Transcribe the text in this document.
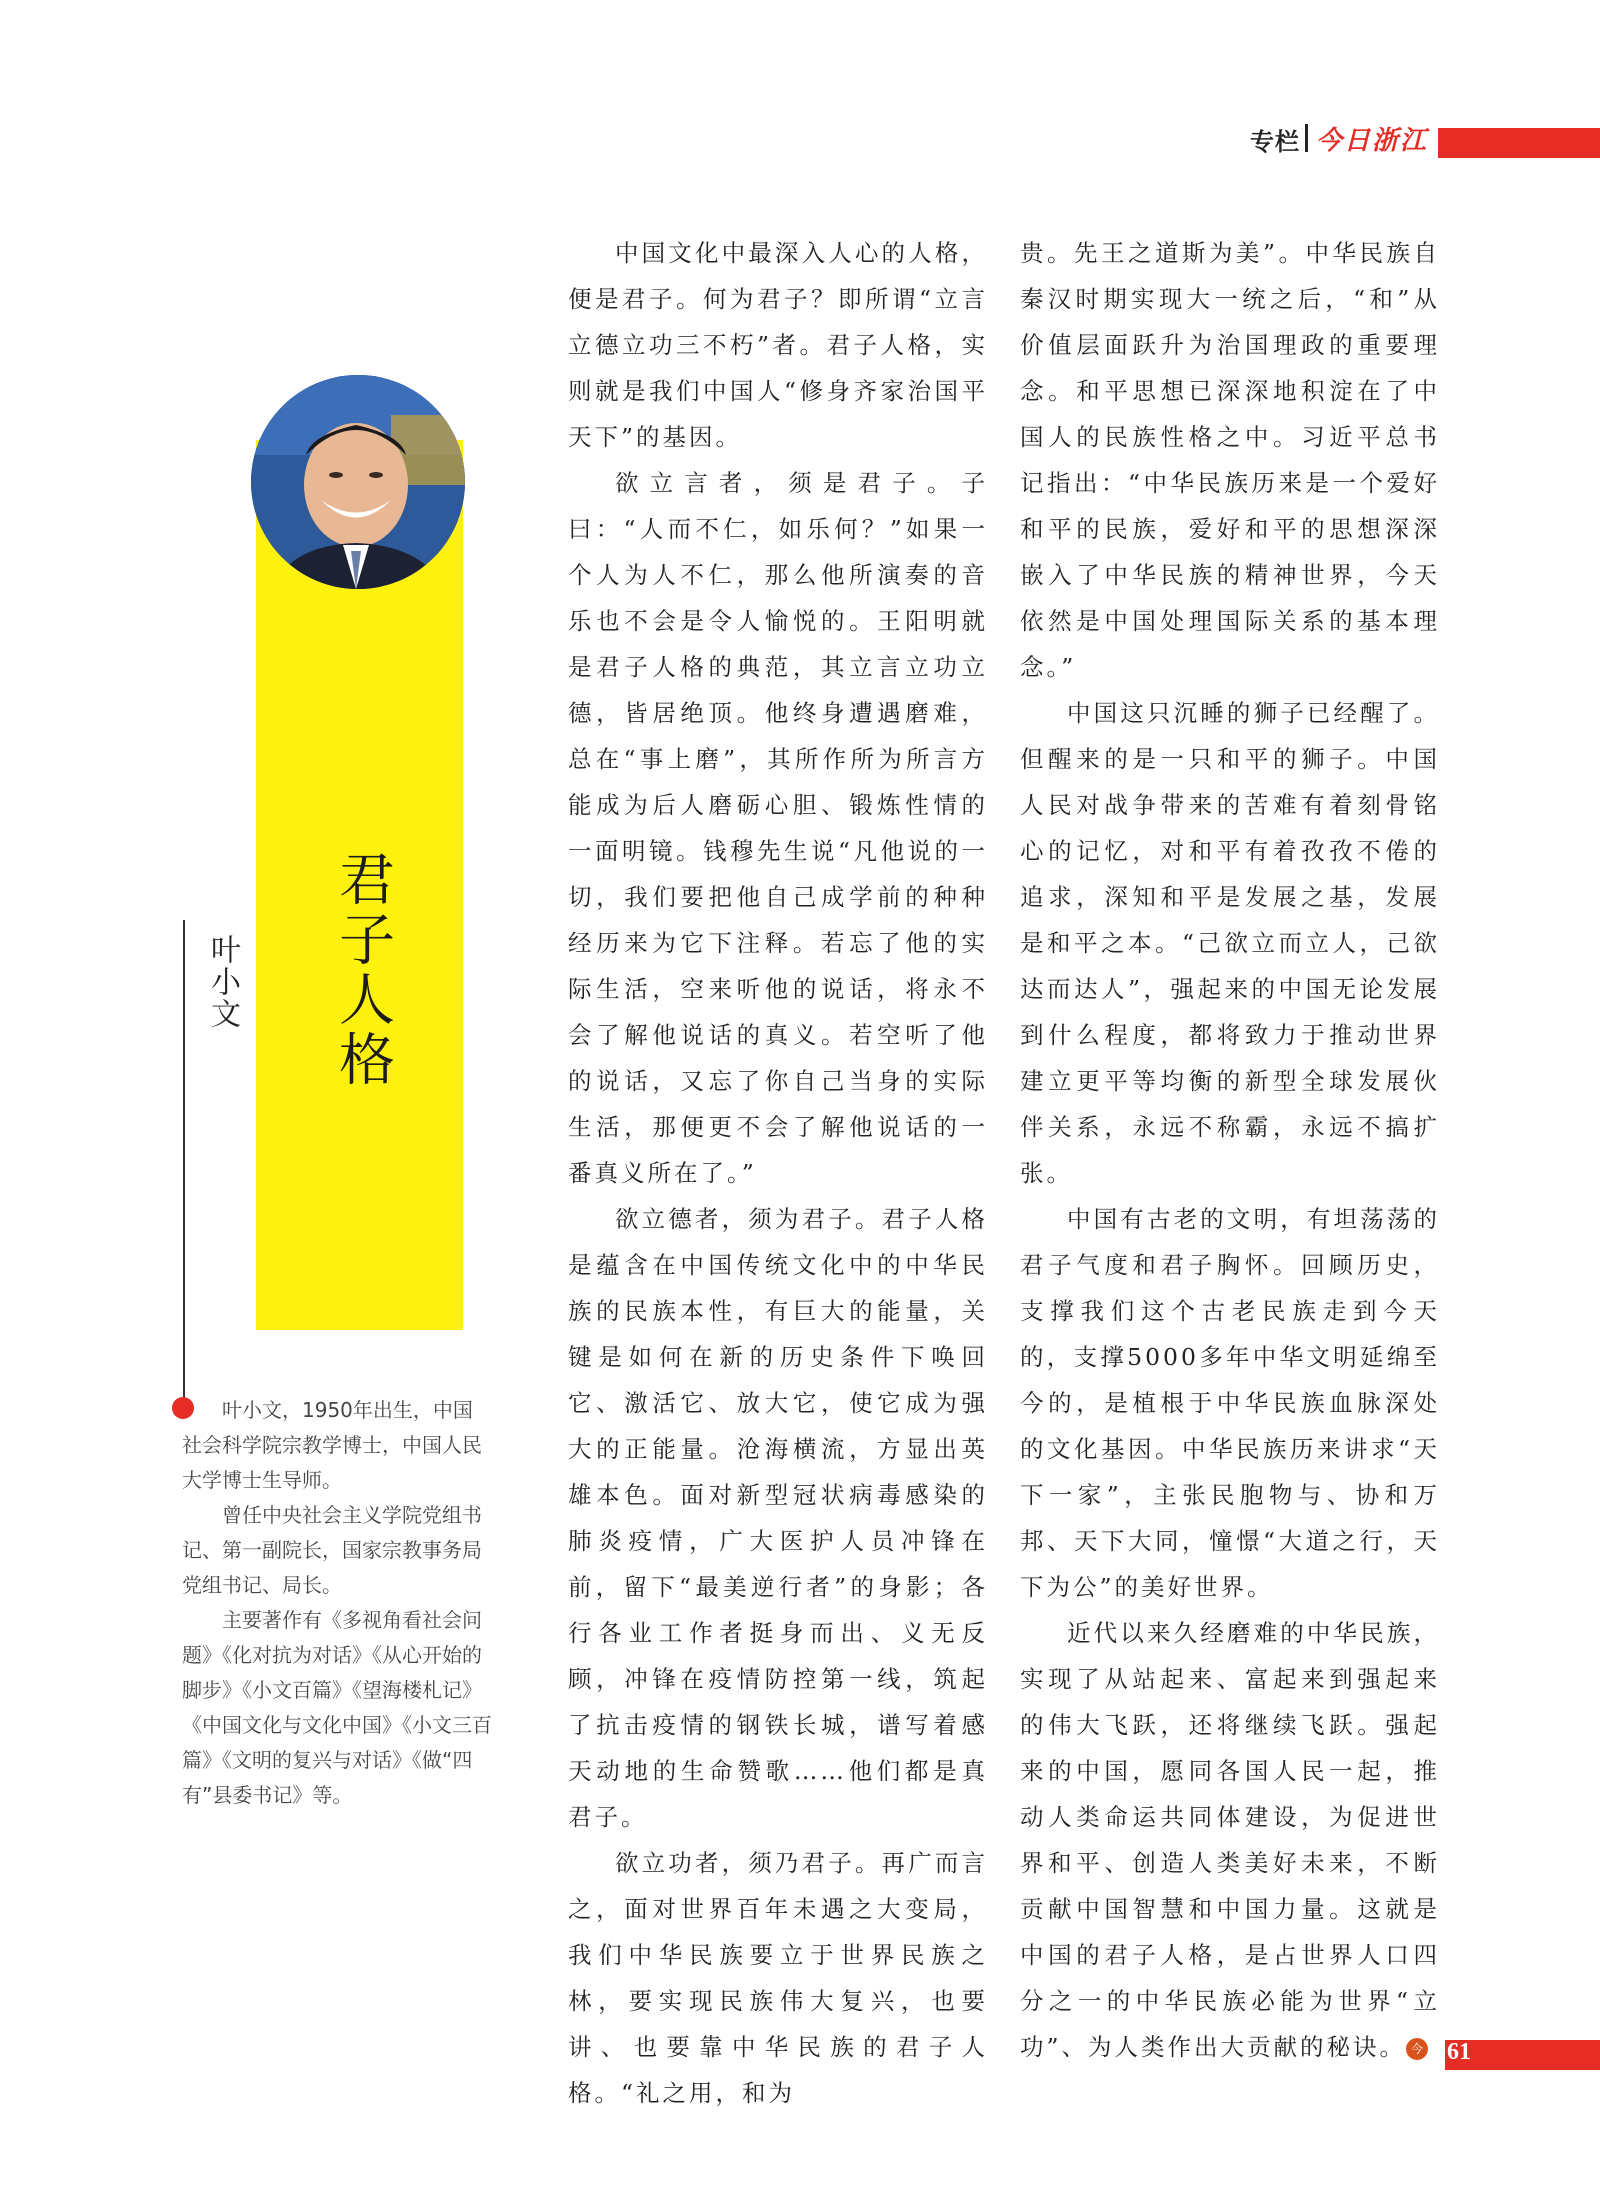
专栏 今日浙江
君子人格
叶小文

叶小文，1950年出生，中国社会科学院宗教学博士，中国人民大学博士生导师。

曾任中央社会主义学院党组书记、第一副院长，国家宗教事务局党组书记、局长。

主要著作有《多视角看社会问题》《化对抗为对话》《从心开始的脚步》《小文百篇》《望海楼札记》《中国文化与文化中国》《小文三百篇》《文明的复兴与对话》《做“四有”县委书记》等。

中国文化中最深入人心的人格，便是君子。何为君子？即所谓“立言立德立功三不朽”者。君子人格，实则就是我们中国人“修身齐家治国平天下”的基因。

欲立言者，须是君子。子曰：“人而不仁，如乐何？”如果一个人为人不仁，那么他所演奏的音乐也不会是令人愉悦的。王阳明就是君子人格的典范，其立言立功立德，皆居绝顶。他终身遭遇磨难，总在“事上磨”，其所作所为所言方能成为后人磨砺心胆、锻炼性情的一面明镜。钱穆先生说“凡他说的一切，我们要把他自己成学前的种种经历来为它下注释。若忘了他的实际生活，空来听他的说话，将永不会了解他说话的真义。若空听了他的说话，又忘了你自己当身的实际生活，那便更不会了解他说话的一番真义所在了。”

欲立德者，须为君子。君子人格是蕴含在中国传统文化中的中华民族的民族本性，有巨大的能量，关键是如何在新的历史条件下唤回它、激活它、放大它，使它成为强大的正能量。沧海横流，方显出英雄本色。面对新型冠状病毒感染的肺炎疫情，广大医护人员冲锋在前，留下“最美逆行者”的身影；各行各业工作者挺身而出、义无反顾，冲锋在疫情防控第一线，筑起了抗击疫情的钢铁长城，谱写着感天动地的生命赞歌……他们都是真君子。

欲立功者，须乃君子。再广而言之，面对世界百年未遇之大变局，我们中华民族要立于世界民族之林，要实现民族伟大复兴，也要讲、也要靠中华民族的君子人格。“礼之用，和为

贵。先王之道斯为美”。中华民族自秦汉时期实现大一统之后，“和”从价值层面跃升为治国理政的重要理念。和平思想已深深地积淀在了中国人的民族性格之中。习近平总书记指出：“中华民族历来是一个爱好和平的民族，爱好和平的思想深深嵌入了中华民族的精神世界，今天依然是中国处理国际关系的基本理念。”

中国这只沉睡的狮子已经醒了。但醒来的是一只和平的狮子。中国人民对战争带来的苦难有着刻骨铭心的记忆，对和平有着孜孜不倦的追求，深知和平是发展之基，发展是和平之本。“己欲立而立人，己欲达而达人”，强起来的中国无论发展到什么程度，都将致力于推动世界建立更平等均衡的新型全球发展伙伴关系，永远不称霸，永远不搞扩张。

中国有古老的文明，有坦荡荡的君子气度和君子胸怀。回顾历史，支撑我们这个古老民族走到今天的，支撑5000多年中华文明延绵至今的，是植根于中华民族血脉深处的文化基因。中华民族历来讲求“天下一家”，主张民胞物与、协和万邦、天下大同，憧憬“大道之行，天下为公”的美好世界。

近代以来久经磨难的中华民族，实现了从站起来、富起来到强起来的伟大飞跃，还将继续飞跃。强起来的中国，愿同各国人民一起，推动人类命运共同体建设，为促进世界和平、创造人类美好未来，不断贡献中国智慧和中国力量。这就是中国的君子人格，是占世界人口四分之一的中华民族必能为世界“立功”、为人类作出大贡献的秘诀。 今 61
